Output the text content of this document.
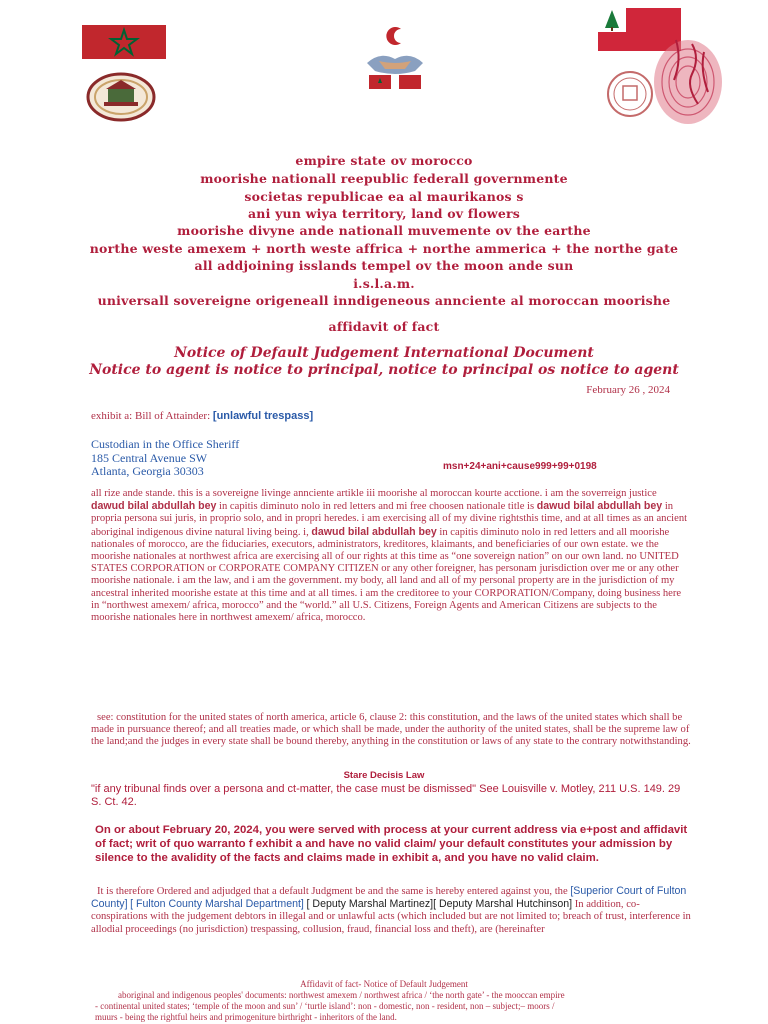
empire state ov morocco
moorishe nationall reepublic federall governmente
societas republicae ea al maurikanos s
ani yun wiya territory, land ov flowers
moorishe divyne ande nationall muvemente ov the earthe
northe weste amexem + north weste affrica + northe ammerica + the northe gate
all addjoining isslands tempel ov the moon ande sun
i.s.l.a.m.
universall sovereigne origeneall inndigeneous annciente al moroccan moorishe
affidavit of fact
Notice of Default Judgement International Document
Notice to agent is notice to principal, notice to principal os notice to agent
February 26 , 2024
exhibit a: Bill of Attainder: [unlawful trespass]
Custodian in the Office Sheriff
185 Central Avenue SW
Atlanta, Georgia 30303	msn+24+ani+cause999+99+0198
all rize ande stande. this is a sovereigne livinge annciente artikle iii moorishe al moroccan kourte acctione. i am the soverreign justice dawud bilal abdullah bey in capitis diminuto nolo in red letters and mi free choosen nationale title is dawud bilal abdullah bey in propria persona sui juris, in proprio solo, and in propri heredes. i am exercising all of my divine rightsthis time, and at all times as an ancient aboriginal indigenous divine natural living being. i, dawud bilal abdullah bey in capitis diminuto nolo in red letters and all moorishe nationales of morocco, are the fiduciaries, executors, administrators, kreditores, klaimants, and beneficiaries of our own estate. we the moorishe nationales at northwest africa are exercising all of our rights at this time as “one sovereign nation” on our own land. no UNITED STATES CORPORATION or CORPORATE COMPANY CITIZEN or any other foreigner, has personam jurisdiction over me or any other moorishe nationale. i am the law, and i am the government. my body, all land and all of my personal property are in the jurisdiction of my ancestral inherited moorishe estate at this time and at all times. i am the creditoree to your CORPORATION/Company, doing business here in “northwest amexem/ africa, morocco” and the “world.” all U.S. Citizens, Foreign Agents and American Citizens are subjects to the moorishe nationales here in northwest amexem/ africa, morocco.
see: constitution for the united states of north america, article 6, clause 2: this constitution, and the laws of the united states which shall be made in pursuance thereof; and all treaties made, or which shall be made, under the authority of the united states, shall be the supreme law of the land;and the judges in every state shall be bound thereby, anything in the constitution or laws of any state to the contrary notwithstanding.
Stare Decisis Law
"if any tribunal finds over a persona and ct-matter, the case must be dismissed" See Louisville v. Motley, 211 U.S. 149. 29 S. Ct. 42.
On or about February 20, 2024, you were served with process at your current address via e+post and affidavit of fact; writ of quo warranto f exhibit a and have no valid claim/ your default constitutes your admission by silence to the avalidity of the facts and claims made in exhibit a, and you have no valid claim.
It is therefore Ordered and adjudged that a default Judgment be and the same is hereby entered against you, the [Superior Court of Fulton County] [ Fulton County Marshal Department] [ Deputy Marshal Martinez][ Deputy Marshal Hutchinson] In addition, co-conspirations with the judgement debtors in illegal and or unlawful acts (which included but are not limited to; breach of trust, interference in allodial proceedings (no jurisdiction) trespassing, collusion, fraud, financial loss and theft), are (hereinafter
Affidavit of fact- Notice of Default Judgement
aboriginal and indigenous peoples' documents: northwest amexem / northwest africa / ‘the north gate’ - the mooccan empire
- continental united states; ‘temple of the moon and sun’ / ‘turtle island’: non - domestic, non - resident, non – subject;– moors /
muurs - being the rightful heirs and primogeniture birthright - inheritors of the land.
